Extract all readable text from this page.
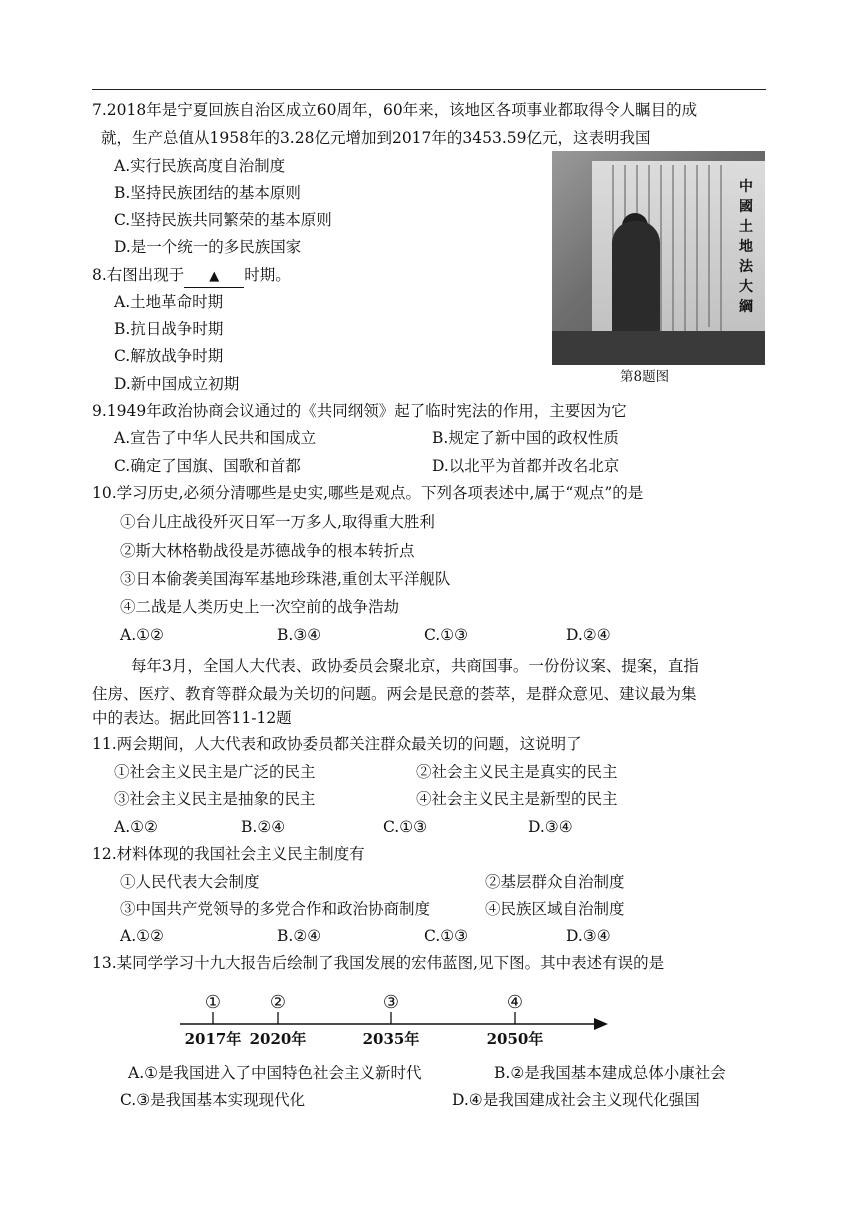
7.2018年是宁夏回族自治区成立60周年，60年来，该地区各项事业都取得令人瞩目的成
就，生产总值从1958年的3.28亿元增加到2017年的3453.59亿元，这表明我国
A.实行民族高度自治制度
B.坚持民族团结的基本原则
C.坚持民族共同繁荣的基本原则
D.是一个统一的多民族国家
中國土地法大綱
第8题图
8.右图出现于 ▲ 时期。
A.土地革命时期
B.抗日战争时期
C.解放战争时期
D.新中国成立初期
9.1949年政治协商会议通过的《共同纲领》起了临时宪法的作用，主要因为它
A.宣告了中华人民共和国成立	B.规定了新中国的政权性质
C.确定了国旗、国歌和首都	D.以北平为首都并改名北京
10.学习历史,必须分清哪些是史实,哪些是观点。下列各项表述中,属于“观点”的是
①台儿庄战役歼灭日军一万多人,取得重大胜利
②斯大林格勒战役是苏德战争的根本转折点
③日本偷袭美国海军基地珍珠港,重创太平洋舰队
④二战是人类历史上一次空前的战争浩劫
A.①②	B.③④	C.①③	D.②④
每年3月，全国人大代表、政协委员会聚北京，共商国事。一份份议案、提案，直指
住房、医疗、教育等群众最为关切的问题。两会是民意的荟萃，是群众意见、建议最为集
中的表达。据此回答11-12题
11.两会期间，人大代表和政协委员都关注群众最关切的问题，这说明了
①社会主义民主是广泛的民主	②社会主义民主是真实的民主
③社会主义民主是抽象的民主	④社会主义民主是新型的民主
A.①②	B.②④	C.①③	D.③④
12.材料体现的我国社会主义民主制度有
①人民代表大会制度	②基层群众自治制度
③中国共产党领导的多党合作和政治协商制度	④民族区域自治制度
A.①②	B.②④	C.①③	D.③④
13.某同学学习十九大报告后绘制了我国发展的宏伟蓝图,见下图。其中表述有误的是
①
2017年
②
2020年
③
2035年
④
2050年
A.①是我国进入了中国特色社会主义新时代	B.②是我国基本建成总体小康社会
C.③是我国基本实现现代化	D.④是我国建成社会主义现代化强国
